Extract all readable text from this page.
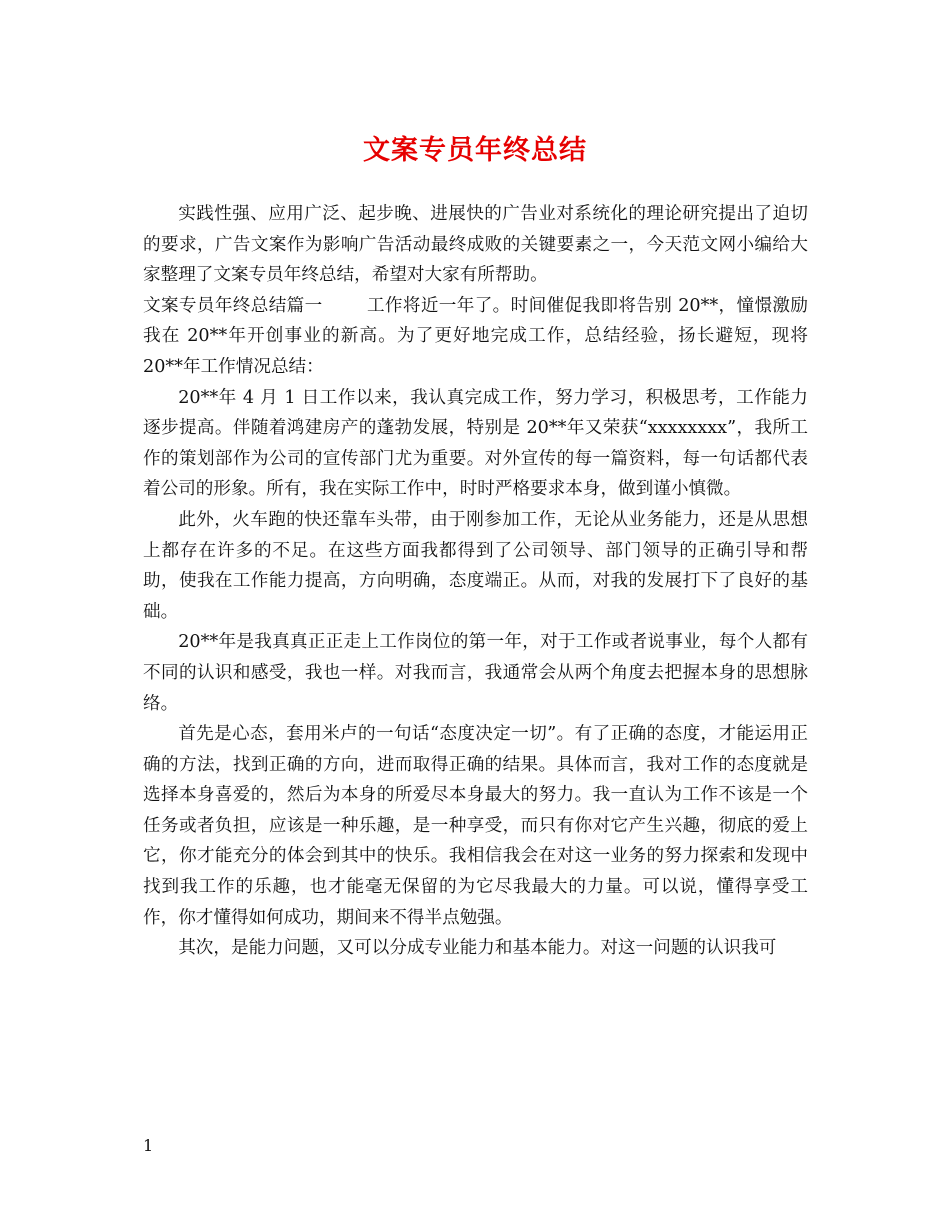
文案专员年终总结

实践性强、应用广泛、起步晚、进展快的广告业对系统化的理论研究提出了迫切的要求，广告文案作为影响广告活动最终成败的关键要素之一，今天范文网小编给大家整理了文案专员年终总结，希望对大家有所帮助。

文案专员年终总结篇一	工作将近一年了。时间催促我即将告别 20**，憧憬激励我在 20**年开创事业的新高。为了更好地完成工作，总结经验，扬长避短，现将 20**年工作情况总结：

20**年 4 月 1 日工作以来，我认真完成工作，努力学习，积极思考，工作能力逐步提高。伴随着鸿建房产的蓬勃发展，特别是 20**年又荣获“xxxxxxxx”，我所工作的策划部作为公司的宣传部门尤为重要。对外宣传的每一篇资料，每一句话都代表着公司的形象。所有，我在实际工作中，时时严格要求本身，做到谨小慎微。

此外，火车跑的快还靠车头带，由于刚参加工作，无论从业务能力，还是从思想上都存在许多的不足。在这些方面我都得到了公司领导、部门领导的正确引导和帮助，使我在工作能力提高，方向明确，态度端正。从而，对我的发展打下了良好的基础。

20**年是我真真正正走上工作岗位的第一年，对于工作或者说事业，每个人都有不同的认识和感受，我也一样。对我而言，我通常会从两个角度去把握本身的思想脉络。

首先是心态，套用米卢的一句话“态度决定一切”。有了正确的态度，才能运用正确的方法，找到正确的方向，进而取得正确的结果。具体而言，我对工作的态度就是选择本身喜爱的，然后为本身的所爱尽本身最大的努力。我一直认为工作不该是一个任务或者负担，应该是一种乐趣，是一种享受，而只有你对它产生兴趣，彻底的爱上它，你才能充分的体会到其中的快乐。我相信我会在对这一业务的努力探索和发现中找到我工作的乐趣，也才能毫无保留的为它尽我最大的力量。可以说，懂得享受工作，你才懂得如何成功，期间来不得半点勉强。

其次，是能力问题，又可以分成专业能力和基本能力。对这一问题的认识我可

1
